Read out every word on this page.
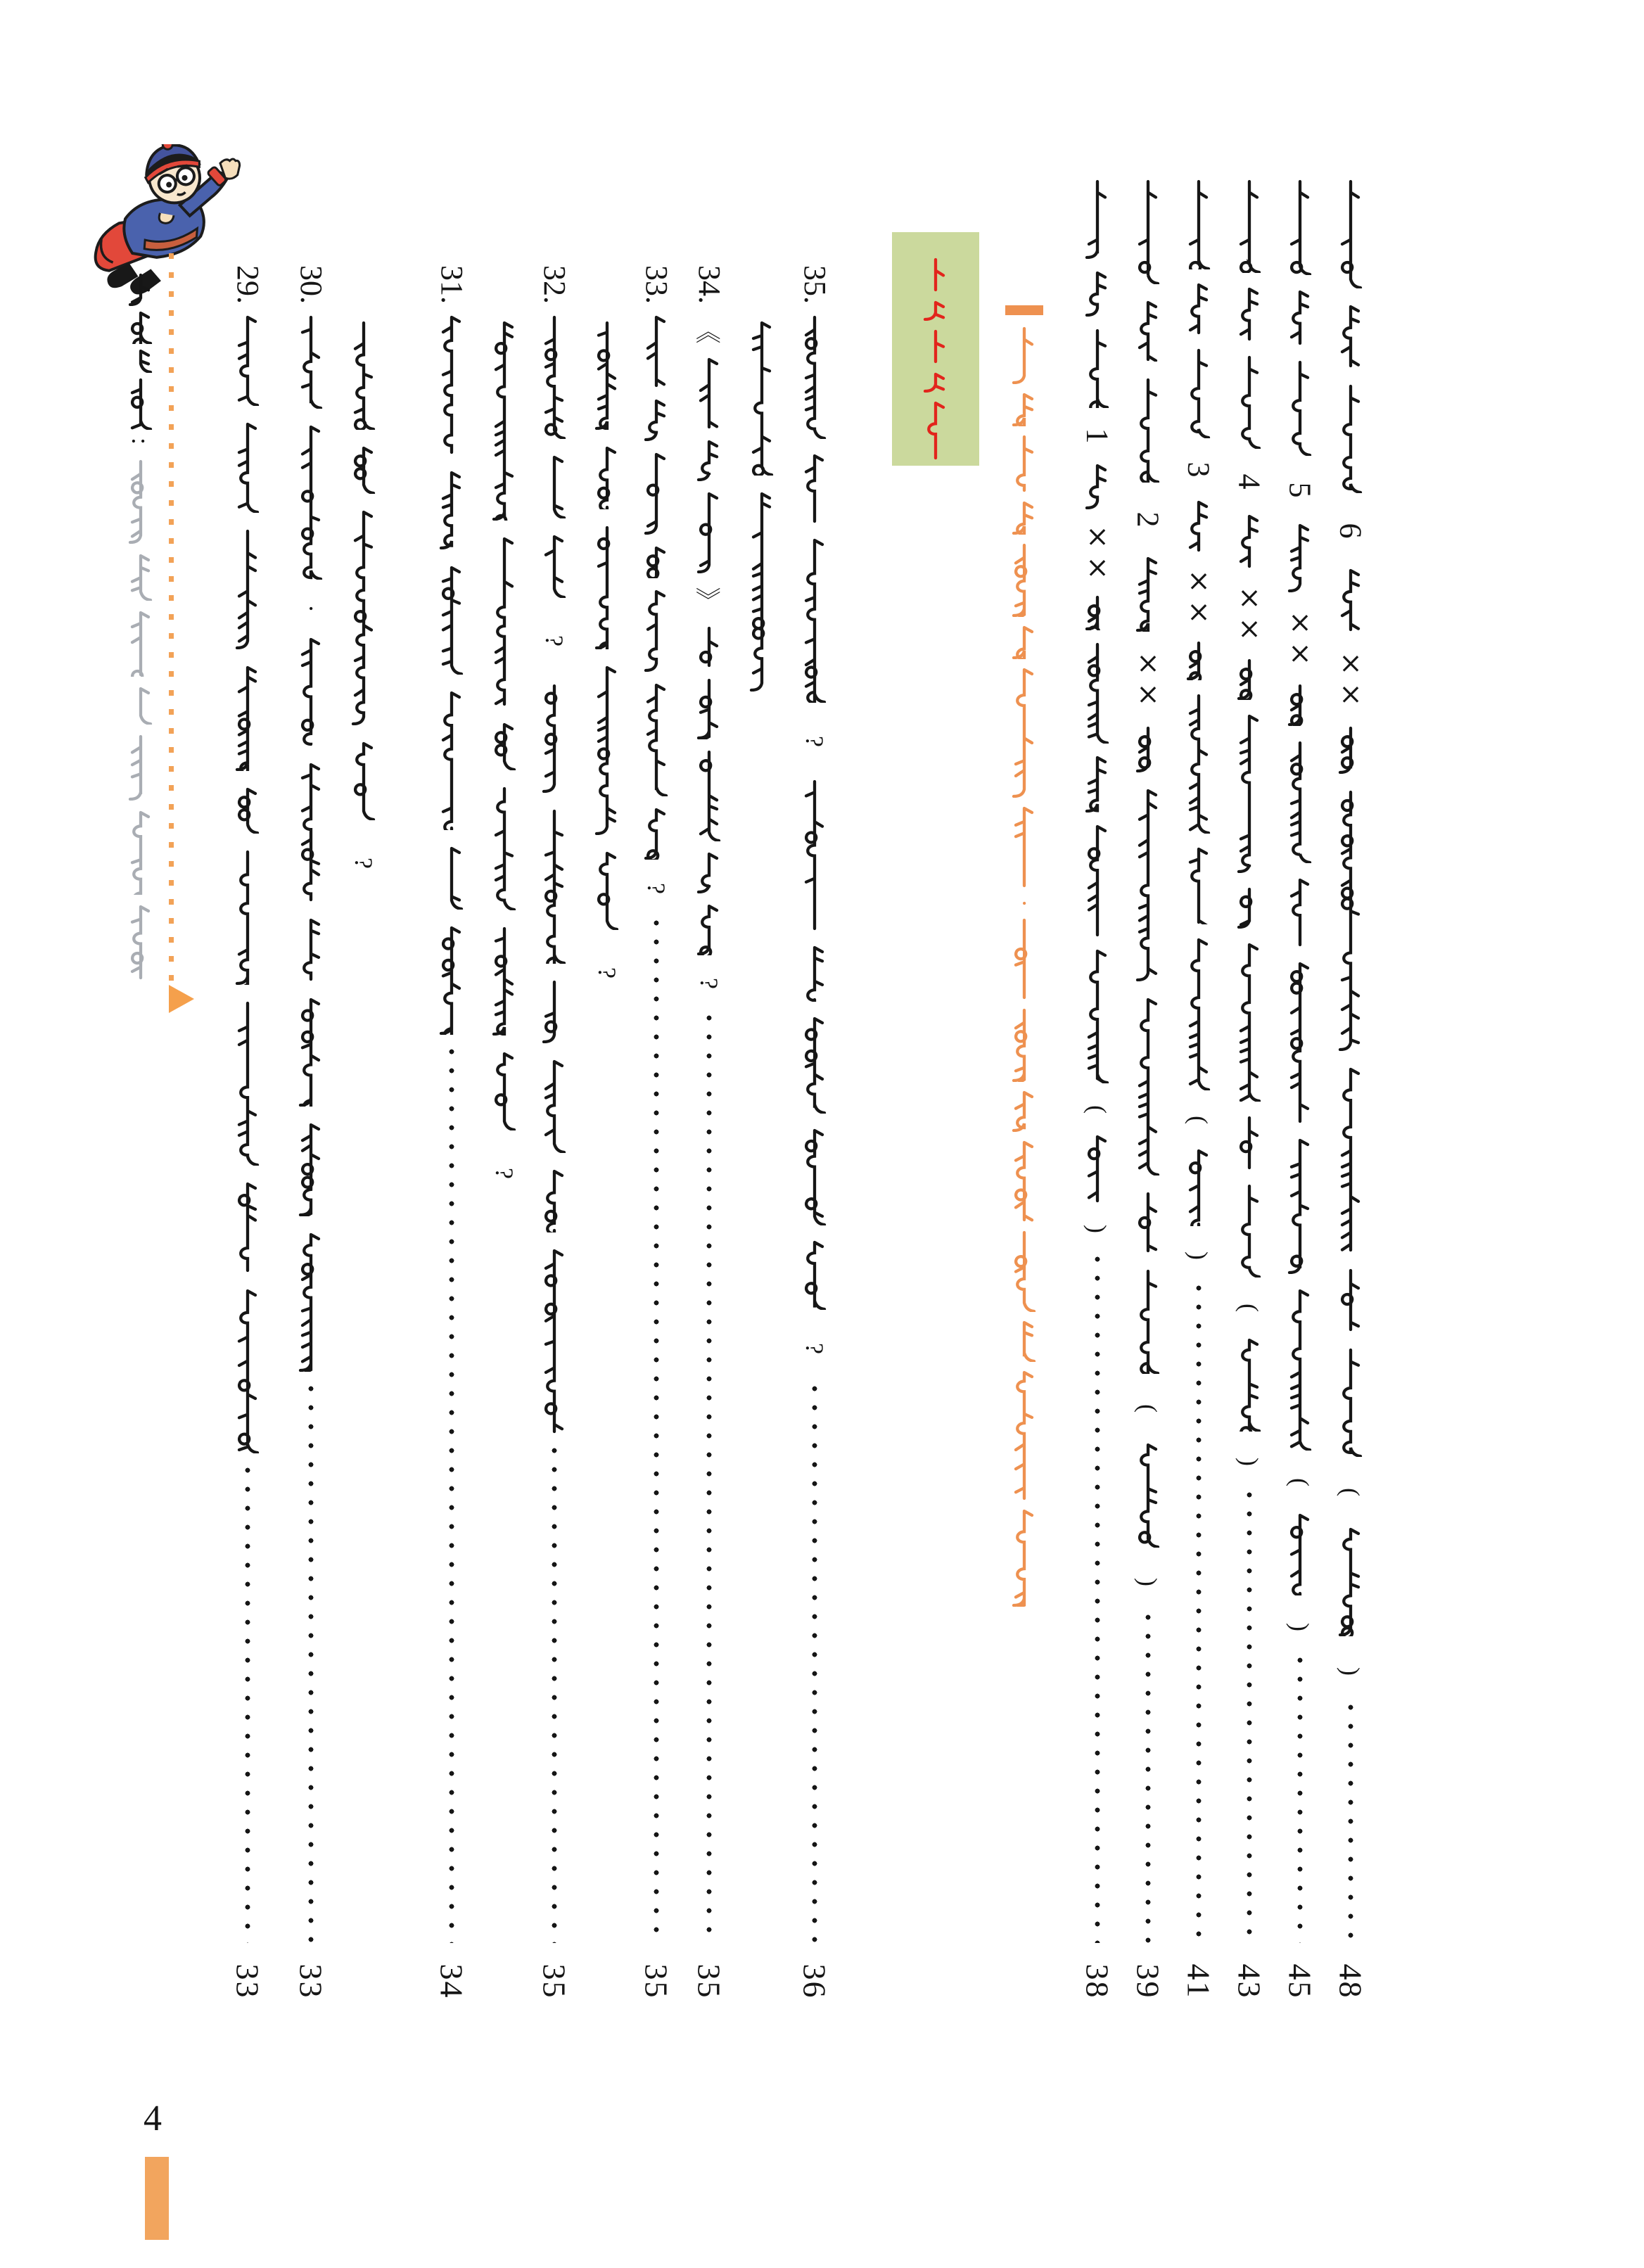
:
·
29.
33
30.
·
33
?
31.
34
?
32.
?
35
?
33.
?
35
34.
《
》
?
35
35.
?
?
36
1
×
×
(
)
38
2
×
×
(
)
39
3
×
×
(
)
41
4
×
×
(
)
43
5
×
×
(
)
45
6
×
×
(
)
48
4
